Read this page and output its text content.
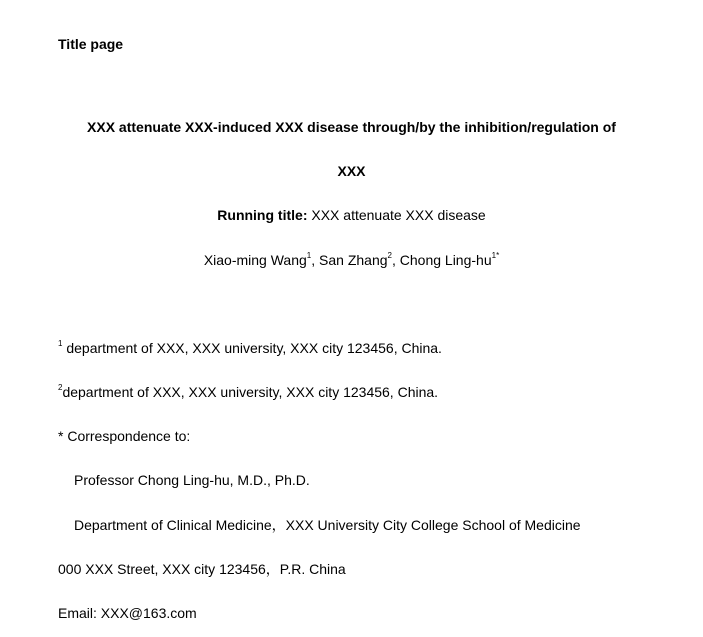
Title page
XXX attenuate XXX-induced XXX disease through/by the inhibition/regulation of
XXX
Running title: XXX attenuate XXX disease
Xiao-ming Wang$^1$, San Zhang$^2$, Chong Ling-$hu^{1*}$
$^1$ department of XXX, XXX university, XXX city 123456, China.
$^2$department of XXX, XXX university, XXX city 123456, China.
* Correspondence to:
Professor Chong Ling-hu, M.D., Ph.D.
Department of Clinical Medicine，XXX University City College School of Medicine
000 XXX Street, XXX city 123456，P.R. China
Email: XXX@163.com
